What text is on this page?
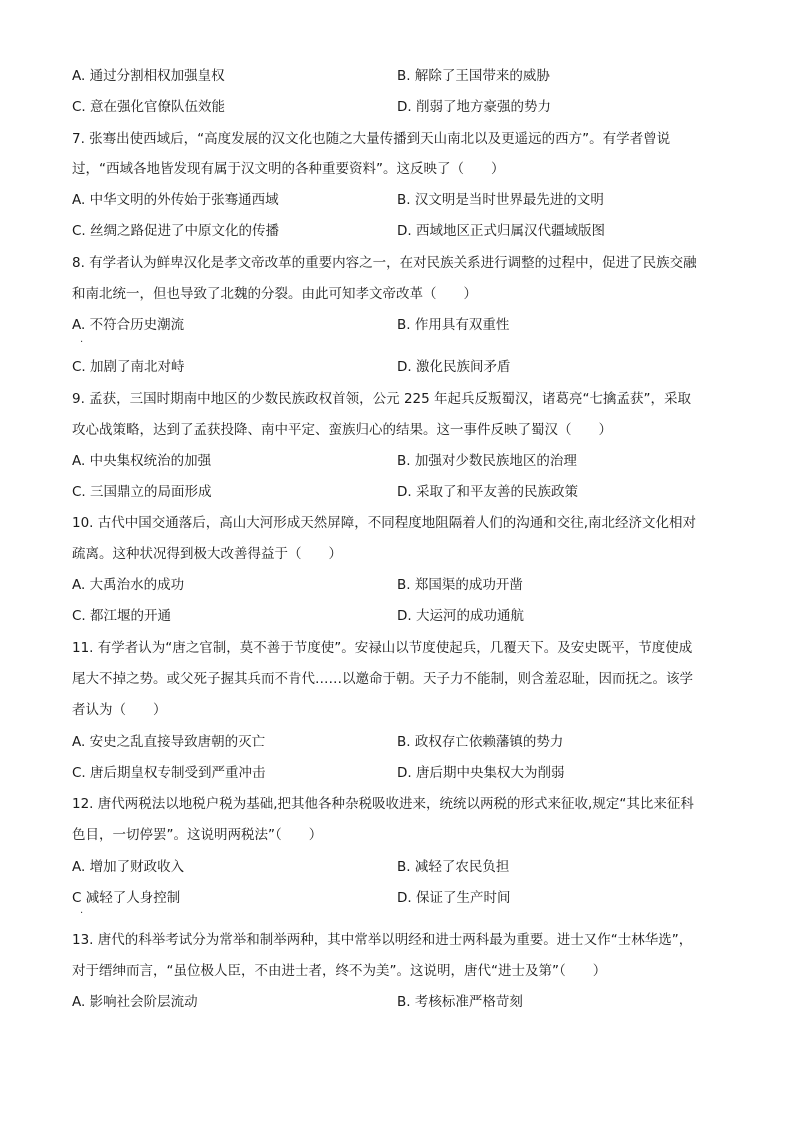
A. 通过分割相权加强皇权	B. 解除了王国带来的威胁
C. 意在强化官僚队伍效能	D. 削弱了地方豪强的势力
7. 张骞出使西域后，“高度发展的汉文化也随之大量传播到天山南北以及更遥远的西方”。有学者曾说
过，“西域各地皆发现有属于汉文明的各种重要资料”。这反映了（　　）
A. 中华文明的外传始于张骞通西域	B. 汉文明是当时世界最先进的文明
C. 丝绸之路促进了中原文化的传播	D. 西域地区正式归属汉代疆域版图
8. 有学者认为鲜卑汉化是孝文帝改革的重要内容之一，在对民族关系进行调整的过程中，促进了民族交融
和南北统一，但也导致了北魏的分裂。由此可知孝文帝改革（　　）
A. 不符合历史潮流	B. 作用具有双重性
.
C. 加剧了南北对峙	D. 激化民族间矛盾
9. 孟获，三国时期南中地区的少数民族政权首领，公元 225 年起兵反叛蜀汉，诸葛亮“七擒孟获”，采取
攻心战策略，达到了孟获投降、南中平定、蛮族归心的结果。这一事件反映了蜀汉（　　）
A. 中央集权统治的加强	B. 加强对少数民族地区的治理
C. 三国鼎立的局面形成	D. 采取了和平友善的民族政策
10. 古代中国交通落后，高山大河形成天然屏障，不同程度地阻隔着人们的沟通和交往,南北经济文化相对
疏离。这种状况得到极大改善得益于（　　）
A. 大禹治水的成功	B. 郑国渠的成功开凿
C. 都江堰的开通	D. 大运河的成功通航
11. 有学者认为“唐之官制，莫不善于节度使”。安禄山以节度使起兵，几覆天下。及安史既平，节度使成
尾大不掉之势。或父死子握其兵而不肯代……以邀命于朝。天子力不能制，则含羞忍耻，因而抚之。该学
者认为（　　）
A. 安史之乱直接导致唐朝的灭亡	B. 政权存亡依赖藩镇的势力
C. 唐后期皇权专制受到严重冲击	D. 唐后期中央集权大为削弱
12. 唐代两税法以地税户税为基础,把其他各种杂税吸收进来，统统以两税的形式来征收,规定“其比来征科
色目，一切停罢”。这说明两税法”（　　）
A. 增加了财政收入	B. 减轻了农民负担
C 减轻了人身控制	D. 保证了生产时间
.
13. 唐代的科举考试分为常举和制举两种，其中常举以明经和进士两科最为重要。进士又作“士林华选”，
对于缙绅而言，“虽位极人臣，不由进士者，终不为美”。这说明，唐代“进士及第”（　　）
A. 影响社会阶层流动	B. 考核标准严格苛刻
